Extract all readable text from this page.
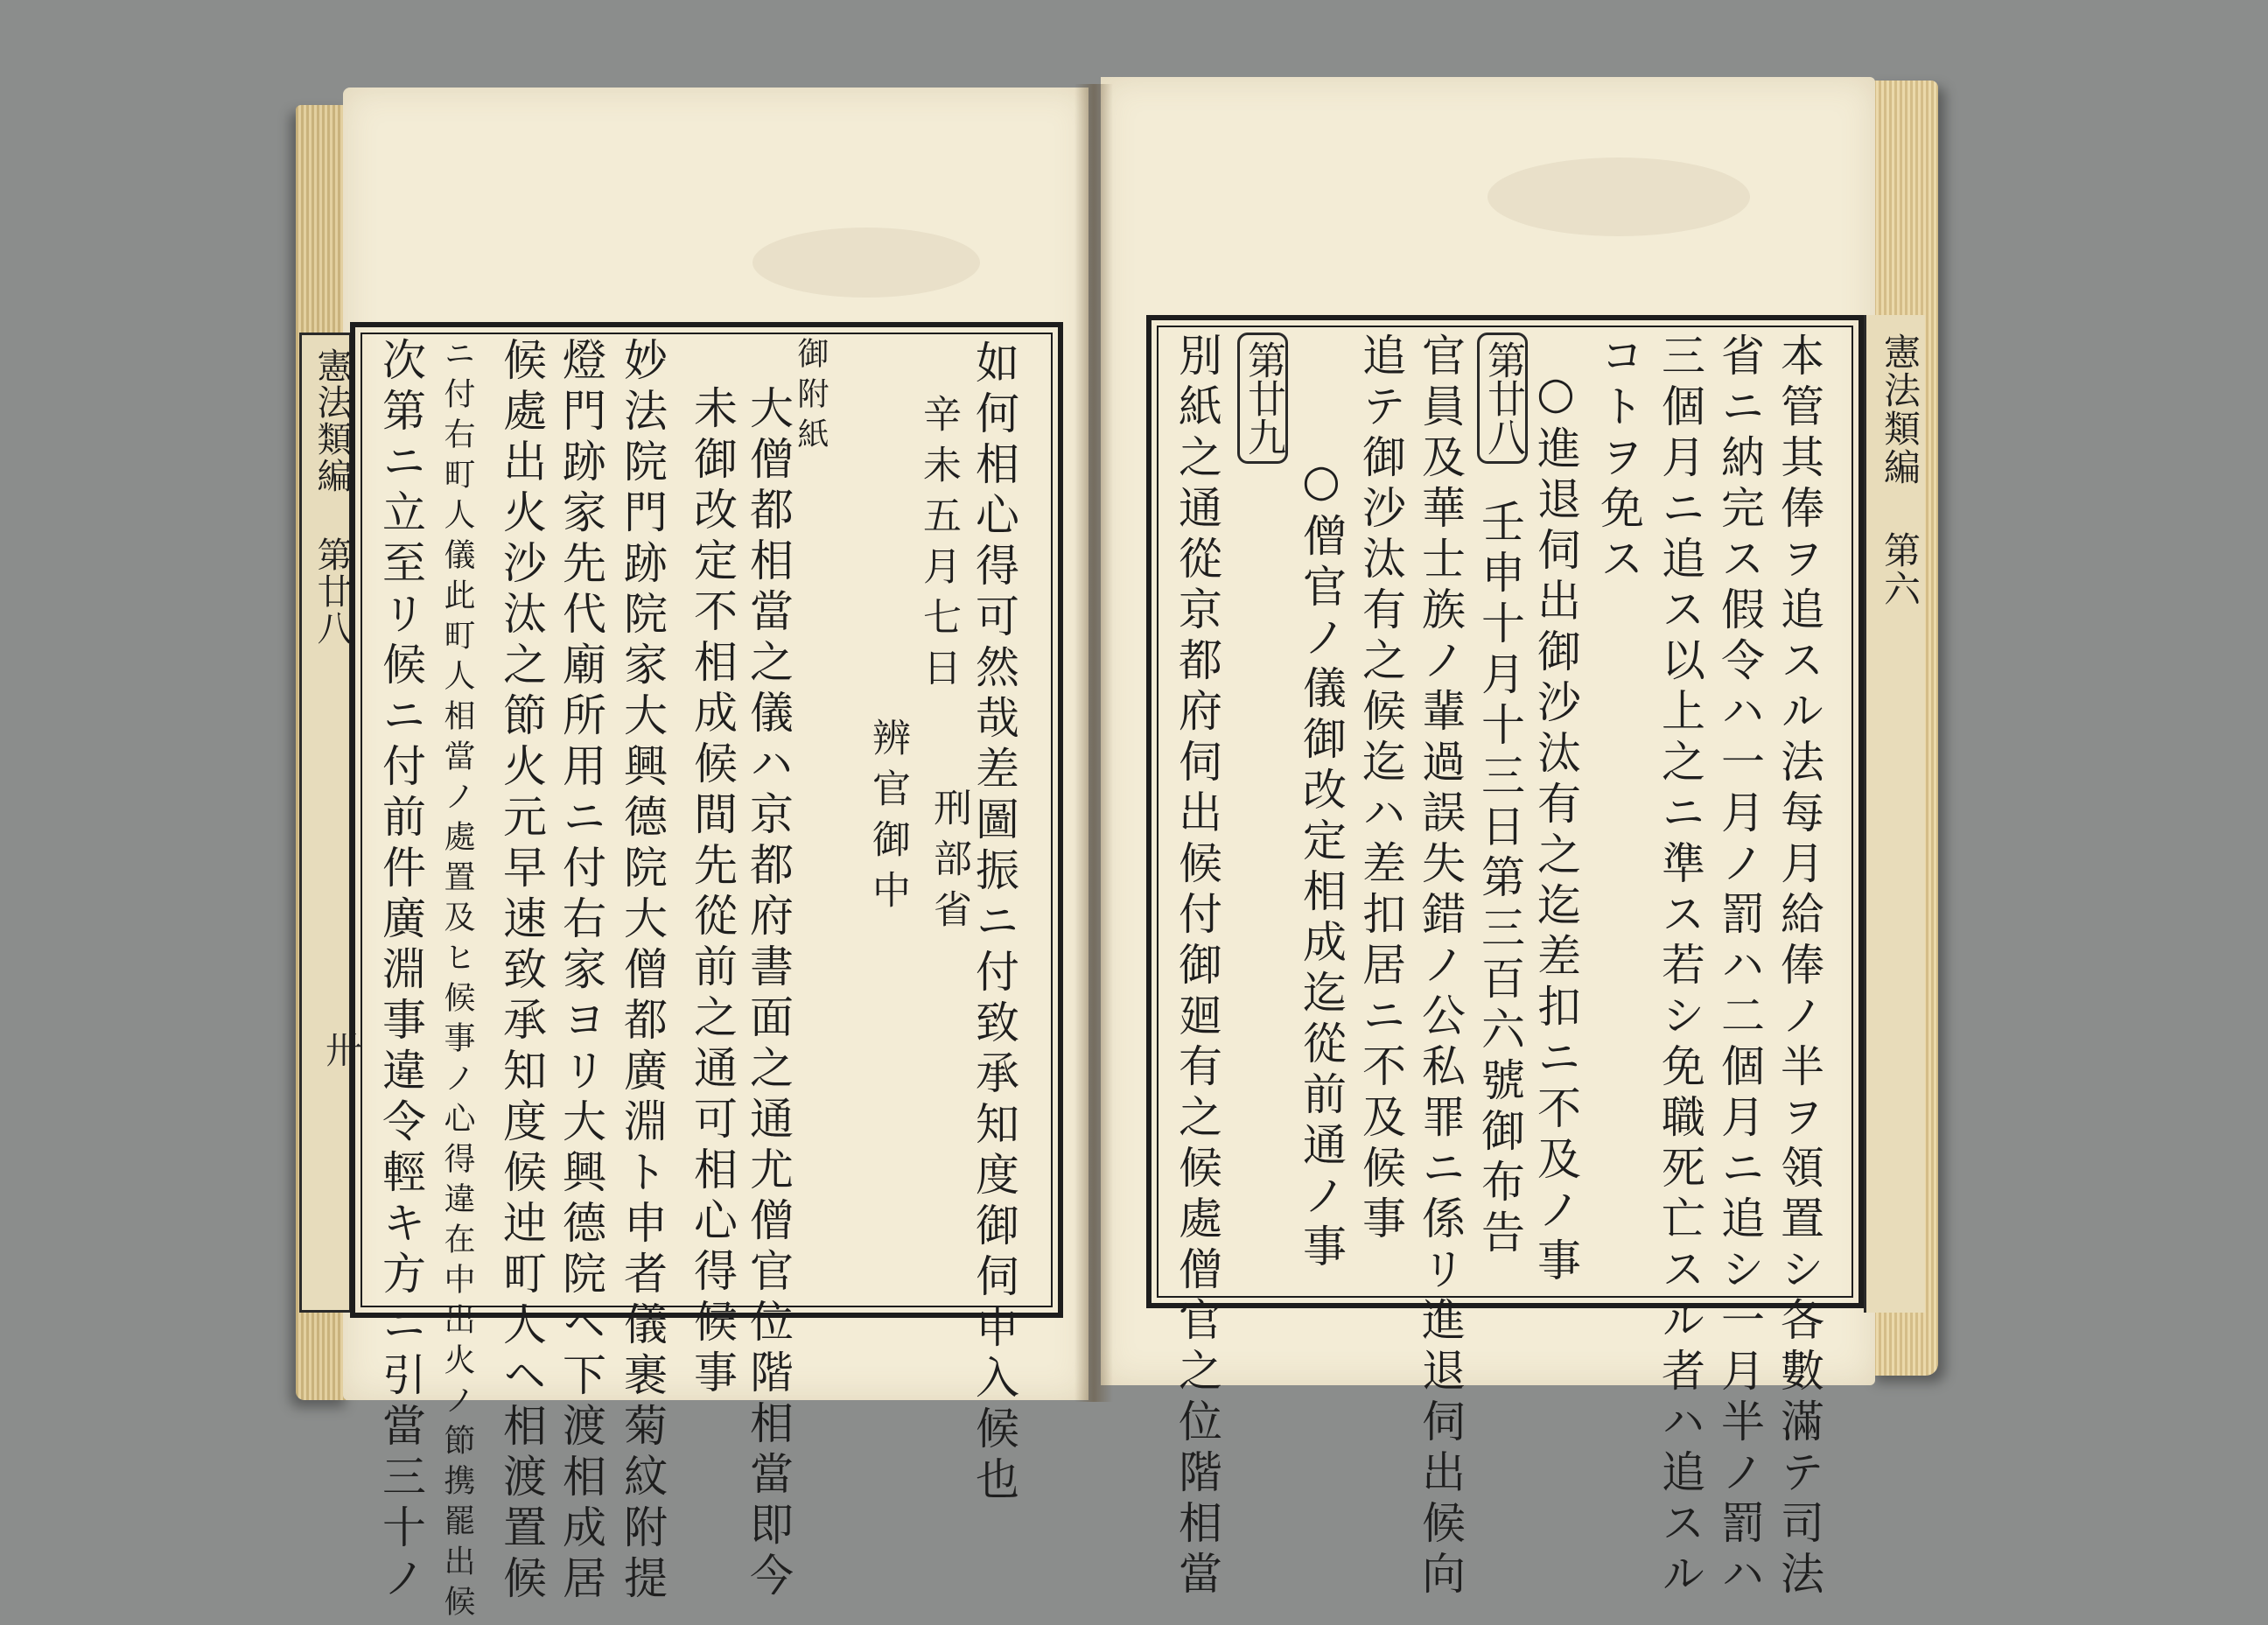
憲法類編 第廿八
卅	如何相心得可然哉差圖振ニ付致承知度御伺申入候也
辛未五月七日
辨官御中 刑部省
御附紙
大僧都相當之儀ハ京都府書面之通尤僧官位階相當即今
未御改定不相成候間先從前之通可相心得候事
妙法院門跡院家大興德院大僧都廣淵ト申者儀裹菊紋附提
燈門跡家先代廟所用ニ付右家ヨリ大興德院ヘ下渡相成居
候處出火沙汰之節火元早速致承知度候迚町人ヘ相渡置候
ニ付右町人儀此町人相當ノ處置及ヒ候事ノ心得違在中出火ノ節携罷出候
次第ニ立至リ候ニ付前件廣淵事違令輕キ方ニ引當三十ノ	憲法類編 第六
本管其俸ヲ追スル法每月給俸ノ半ヲ領置シ各數滿テ司法
省ニ納完ス假令ハ一月ノ罰ハ二個月ニ追シ一月半ノ罰ハ
三個月ニ追ス以上之ニ準ス若シ免職死亡スル者ハ追スル
コトヲ免ス
○進退伺出御沙汰有之迄差扣ニ不及ノ事
第廿八
壬申十月十三日第三百六號御布告
官員及華士族ノ輩過誤失錯ノ公私罪ニ係リ進退伺出候向
追テ御沙汰有之候迄ハ差扣居ニ不及候事
○僧官ノ儀御改定相成迄從前通ノ事
第廿九
別紙之通從京都府伺出候付御廻有之候處僧官之位階相當
